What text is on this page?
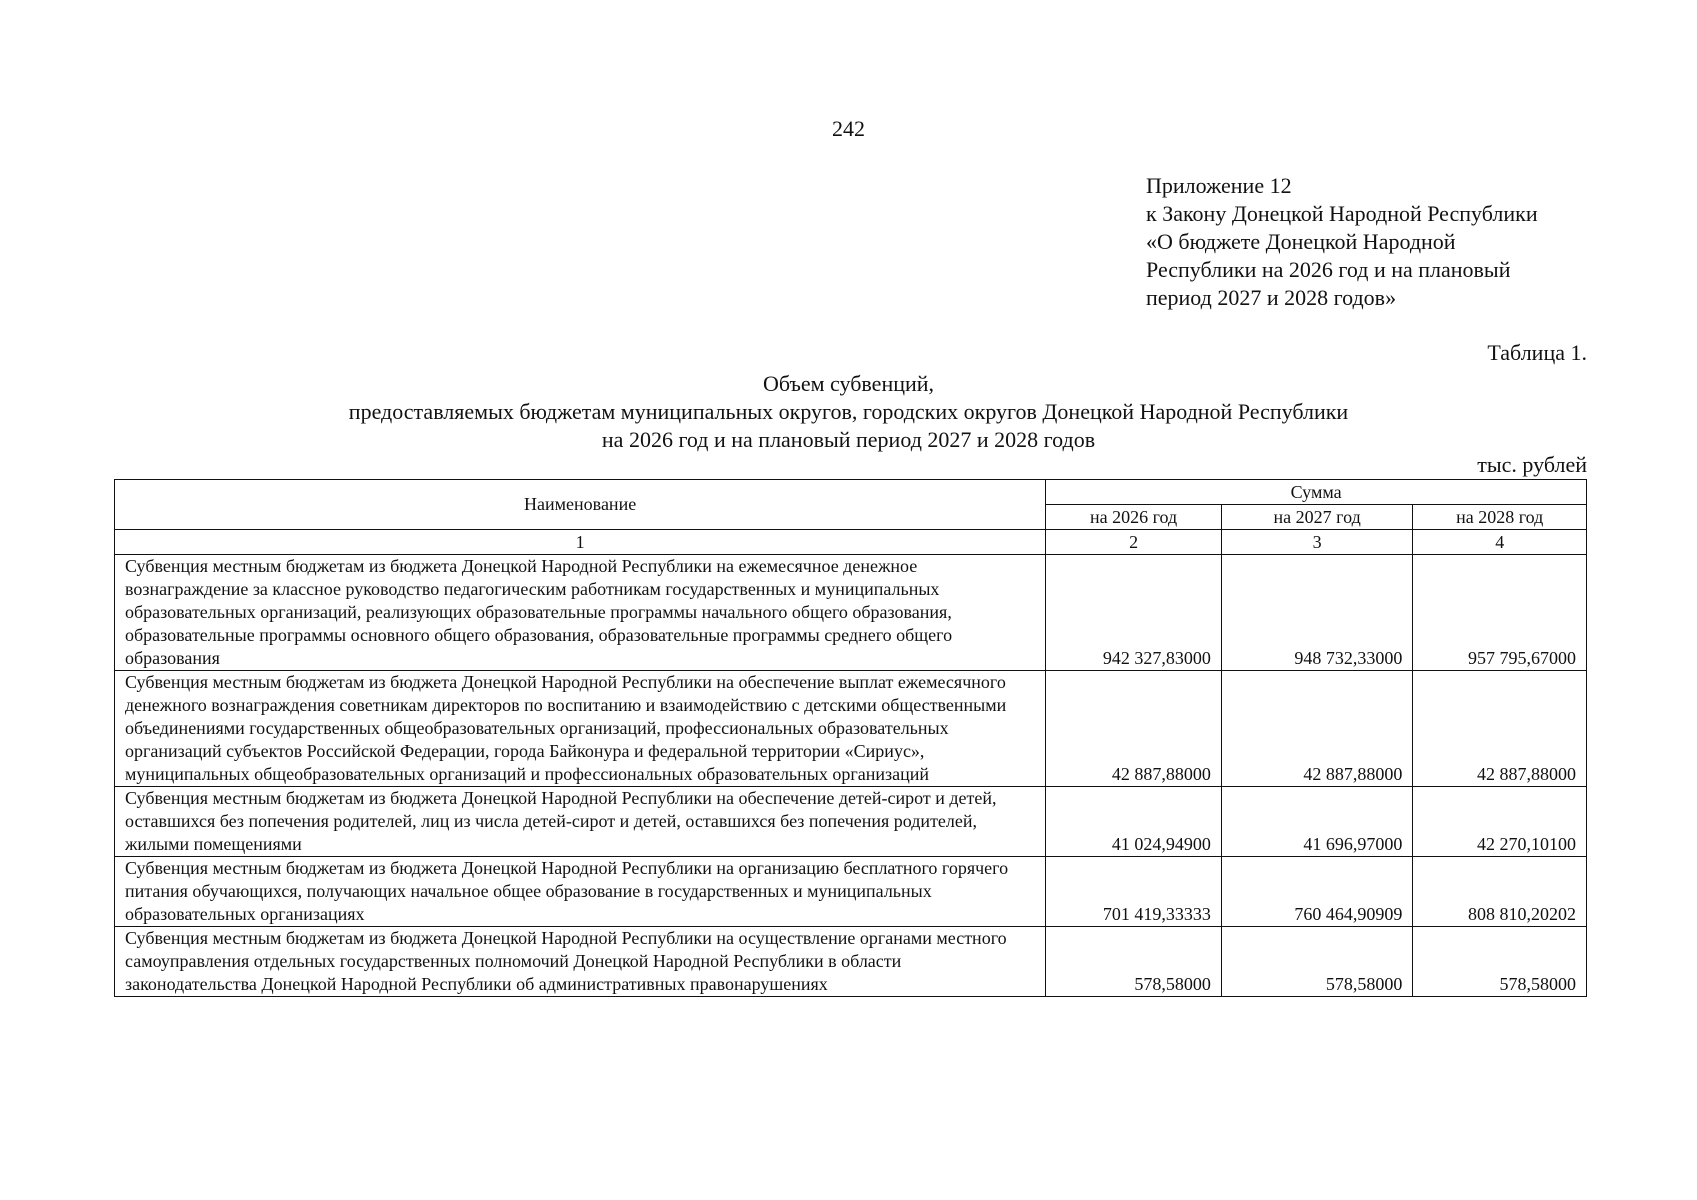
242
Приложение 12
к Закону Донецкой Народной Республики
«О бюджете Донецкой Народной
Республики на 2026 год и на плановый
период 2027 и 2028 годов»
Таблица 1.
Объем субвенций,
предоставляемых бюджетам муниципальных округов, городских округов Донецкой Народной Республики
на 2026 год и на плановый период 2027 и 2028 годов
тыс. рублей
Наименование	Сумма		
	на 2026 год	на 2027 год	на 2028 год
1	2	3	4
Субвенция местным бюджетам из бюджета Донецкой Народной Республики на ежемесячное денежное вознаграждение за классное руководство педагогическим работникам государственных и муниципальных образовательных организаций, реализующих образовательные программы начального общего образования, образовательные программы основного общего образования, образовательные программы среднего общего образования	942 327,83000	948 732,33000	957 795,67000
Субвенция местным бюджетам из бюджета Донецкой Народной Республики на обеспечение выплат ежемесячного денежного вознаграждения советникам директоров по воспитанию и взаимодействию с детскими общественными объединениями государственных общеобразовательных организаций, профессиональных образовательных организаций субъектов Российской Федерации, города Байконура и федеральной территории «Сириус», муниципальных общеобразовательных организаций и профессиональных образовательных организаций	42 887,88000	42 887,88000	42 887,88000
Субвенция местным бюджетам из бюджета Донецкой Народной Республики на обеспечение детей-сирот и детей, оставшихся без попечения родителей, лиц из числа детей-сирот и детей, оставшихся без попечения родителей, жилыми помещениями	41 024,94900	41 696,97000	42 270,10100
Субвенция местным бюджетам из бюджета Донецкой Народной Республики на организацию бесплатного горячего питания обучающихся, получающих начальное общее образование в государственных и муниципальных образовательных организациях	701 419,33333	760 464,90909	808 810,20202
Субвенция местным бюджетам из бюджета Донецкой Народной Республики на осуществление органами местного самоуправления отдельных государственных полномочий Донецкой Народной Республики в области законодательства Донецкой Народной Республики об административных правонарушениях	578,58000	578,58000	578,58000
